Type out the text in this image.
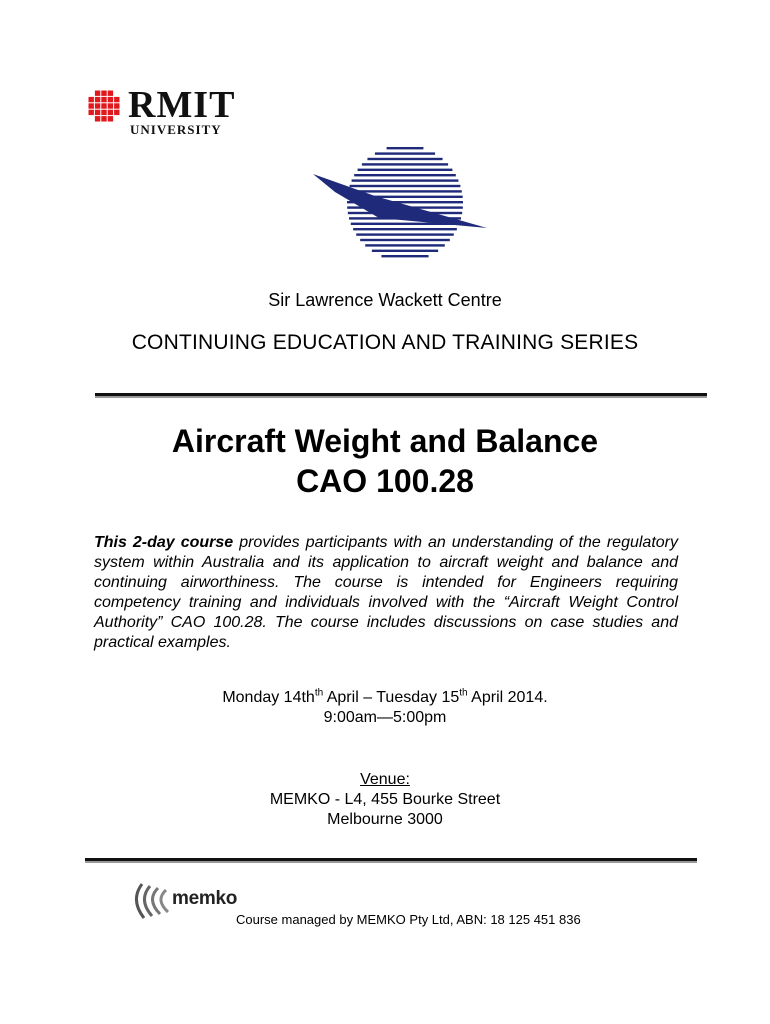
RMIT
UNIVERSITY
Sir Lawrence Wackett Centre
CONTINUING EDUCATION AND TRAINING SERIES
Aircraft Weight and Balance
CAO 100.28
This 2-day course provides participants with an understanding of the regulatory system within Australia and its application to aircraft weight and balance and continuing airworthiness. The course is intended for Engineers requiring competency training and individuals involved with the “Aircraft Weight Control Authority” CAO 100.28. The course includes discussions on case studies and practical examples.
Monday $14th^{th}$ April – Tuesday 15th April 2014.
9:00am—5:00pm
Venue:
MEMKO - L4, 455 Bourke Street
Melbourne 3000
memko
Course managed by MEMKO Pty Ltd, ABN: 18 125 451 836
